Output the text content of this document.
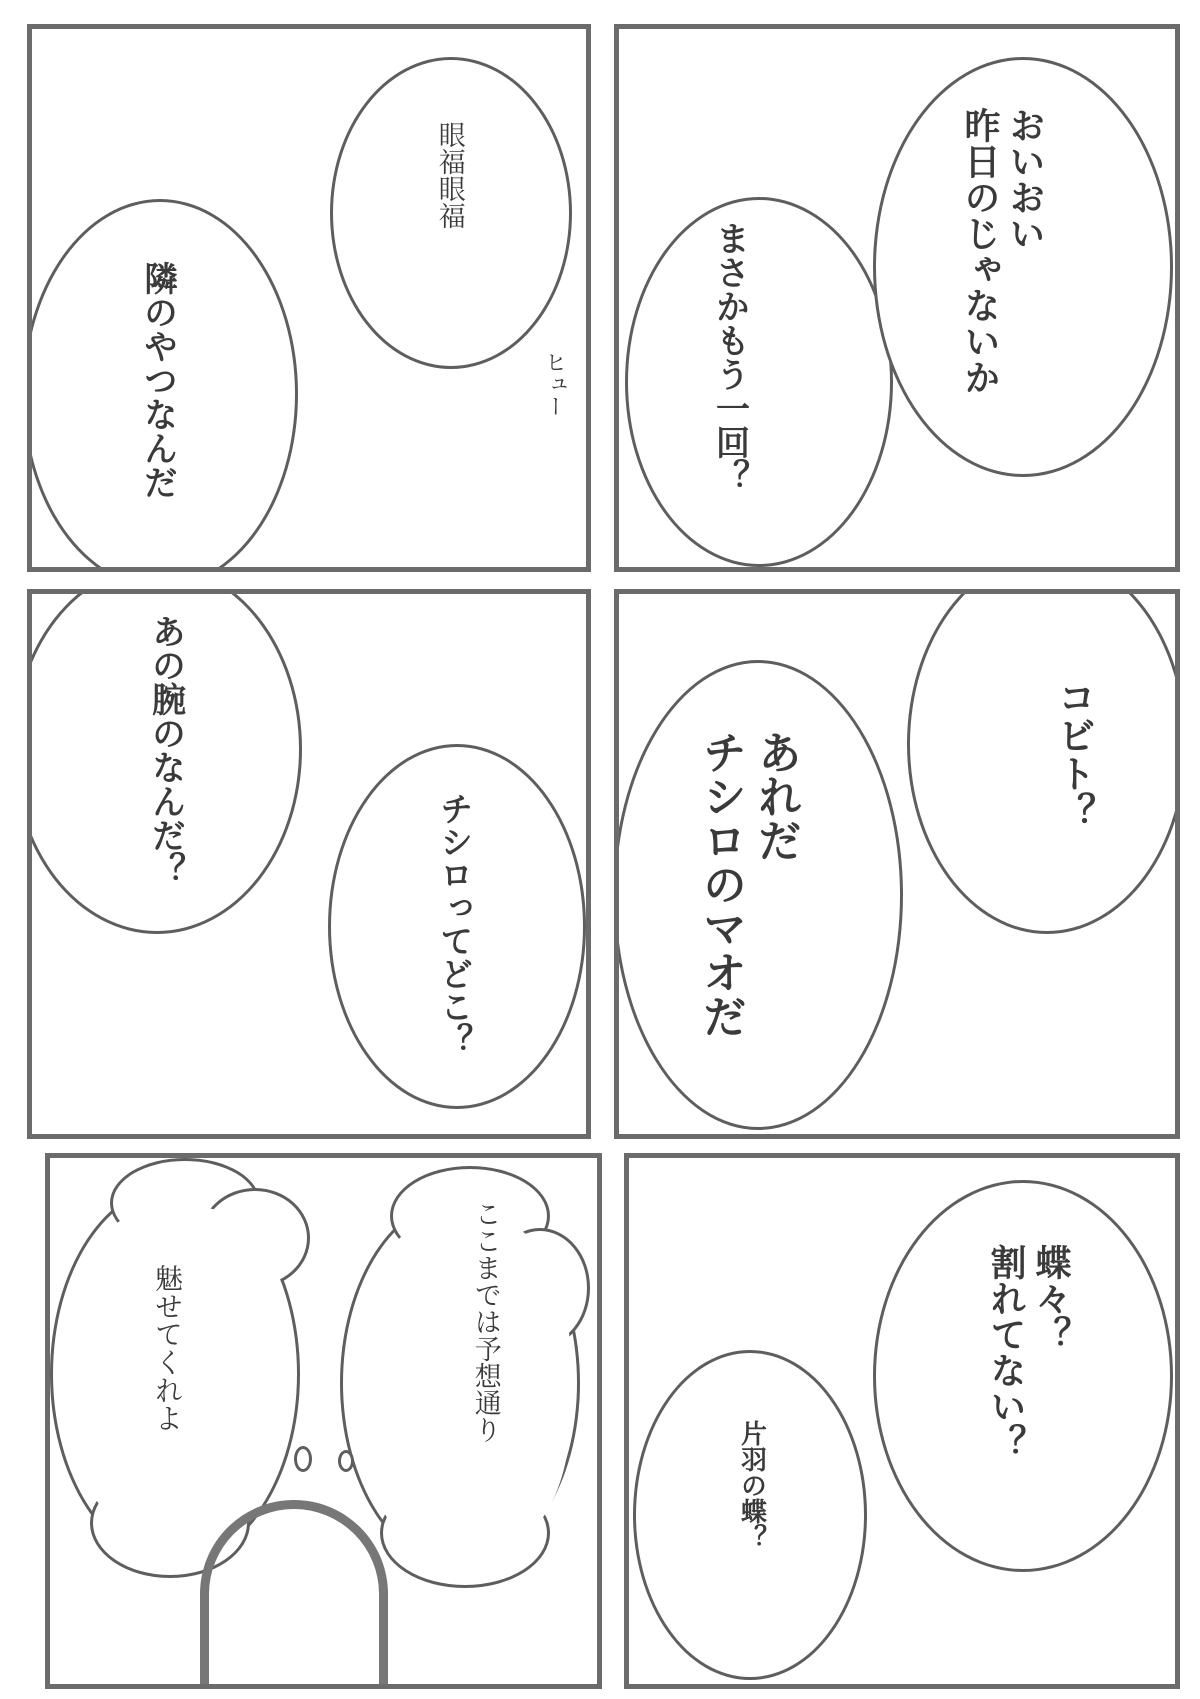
眼福眼福
隣のやつなんだ	ヒュー	まさかもう一回？
おいおい
昨日のじゃないか
あの腕のなんだ？
チシロってどこ？
コビト？
あれだ
チシロのマオだ
魅せてくれよ	ここまでは予想通り	蝶々？
割れてない？
片羽の蝶？
